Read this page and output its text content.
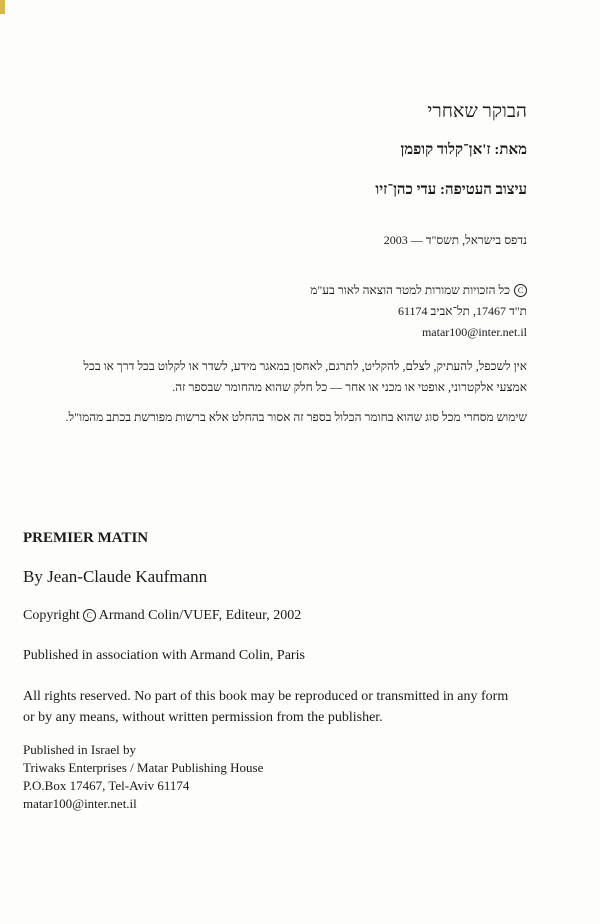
הבוקר שאחרי
מאת: ז'אן־קלוד קופמן
עיצוב העטיפה: עדי כהן־זיו
נדפס בישראל, תשס"ד — 2003
Cכל הזכויות שמורות למטר הוצאה לאור בע"מ
ת"ד 17467, תל־אביב 61174
matar100@inter.net.il
אין לשכפל, להעתיק, לצלם, להקליט, לתרגם, לאחסן במאגר מידע, לשדר או לקלוט בכל דרך או בכל
אמצעי אלקטרוני, אופטי או מכני או אחר — כל חלק שהוא מהחומר שבספר זה.
שימוש מסחרי מכל סוג שהוא בחומר הכלול בספר זה אסור בהחלט אלא ברשות מפורשת בכתב מהמו"ל.
PREMIER MATIN
By Jean-Claude Kaufmann
Copyright C Armand Colin/VUEF, Editeur, 2002
Published in association with Armand Colin, Paris
All rights reserved. No part of this book may be reproduced or transmitted in any form or by any means, without written permission from the publisher.
Published in Israel by
Triwaks Enterprises / Matar Publishing House
P.O.Box 17467, Tel-Aviv 61174
matar100@inter.net.il
